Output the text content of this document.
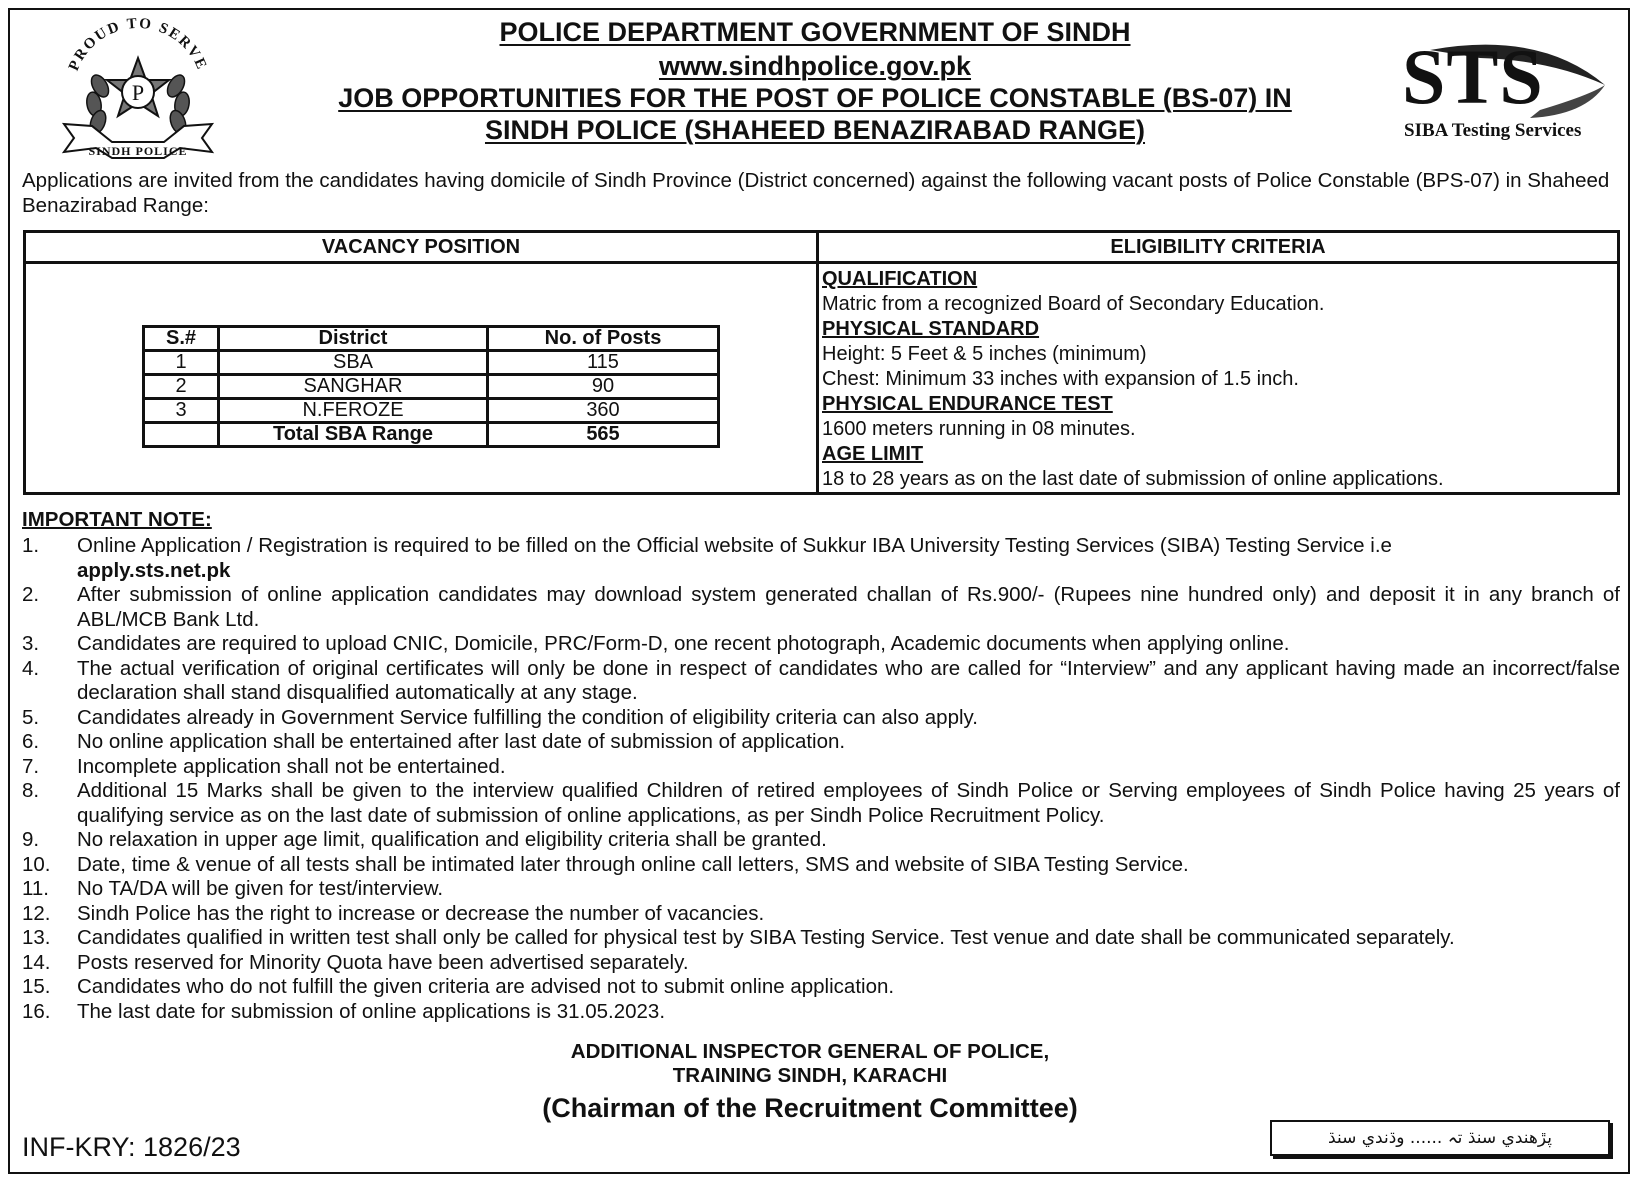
PROUD TO SERVE
P
SINDH POLICE
POLICE DEPARTMENT GOVERNMENT OF SINDH
www.sindhpolice.gov.pk
JOB OPPORTUNITIES FOR THE POST OF POLICE CONSTABLE (BS-07) IN
SINDH POLICE (SHAHEED BENAZIRABAD RANGE)
STS
SIBA Testing Services
Applications are invited from the candidates having domicile of Sindh Province (District concerned) against the following vacant posts of Police Constable (BPS-07) in Shaheed Benazirabad Range:
VACANCY POSITION	ELIGIBILITY CRITERIA
S.#	District	No. of Posts
1	SBA	115
2	SANGHAR	90
3	N.FEROZE	360
	Total SBA Range	565
QUALIFICATION
Matric from a recognized Board of Secondary Education.
PHYSICAL STANDARD
Height: 5 Feet & 5 inches (minimum)
Chest: Minimum 33 inches with expansion of 1.5 inch.
PHYSICAL ENDURANCE TEST
1600 meters running in 08 minutes.
AGE LIMIT
18 to 28 years as on the last date of submission of online applications.
IMPORTANT NOTE:
1.	Online Application / Registration is required to be filled on the Official website of Sukkur IBA University Testing Services (SIBA) Testing Service i.e
apply.sts.net.pk
2.	After submission of online application candidates may download system generated challan of Rs.900/- (Rupees nine hundred only) and deposit it in any branch of ABL/MCB Bank Ltd.
3.	Candidates are required to upload CNIC, Domicile, PRC/Form-D, one recent photograph, Academic documents when applying online.
4.	The actual verification of original certificates will only be done in respect of candidates who are called for “Interview” and any applicant having made an incorrect/false declaration shall stand disqualified automatically at any stage.
5.	Candidates already in Government Service fulfilling the condition of eligibility criteria can also apply.
6.	No online application shall be entertained after last date of submission of application.
7.	Incomplete application shall not be entertained.
8.	Additional 15 Marks shall be given to the interview qualified Children of retired employees of Sindh Police or Serving employees of Sindh Police having 25 years of qualifying service as on the last date of submission of online applications, as per Sindh Police Recruitment Policy.
9.	No relaxation in upper age limit, qualification and eligibility criteria shall be granted.
10.	Date, time & venue of all tests shall be intimated later through online call letters, SMS and website of SIBA Testing Service.
11.	No TA/DA will be given for test/interview.
12.	Sindh Police has the right to increase or decrease the number of vacancies.
13. Candidates qualified in written test shall only be called for physical test by SIBA Testing Service. Test venue and date shall be communicated separately.
14.	Posts reserved for Minority Quota have been advertised separately.
15.	Candidates who do not fulfill the given criteria are advised not to submit online application.
16.	The last date for submission of online applications is 31.05.2023.
ADDITIONAL INSPECTOR GENERAL OF POLICE,
TRAINING SINDH, KARACHI
(Chairman of the Recruitment Committee)
INF-KRY: 1826/23	پڙهندي سنڌ تہ ...... وڌندي سنڌ
